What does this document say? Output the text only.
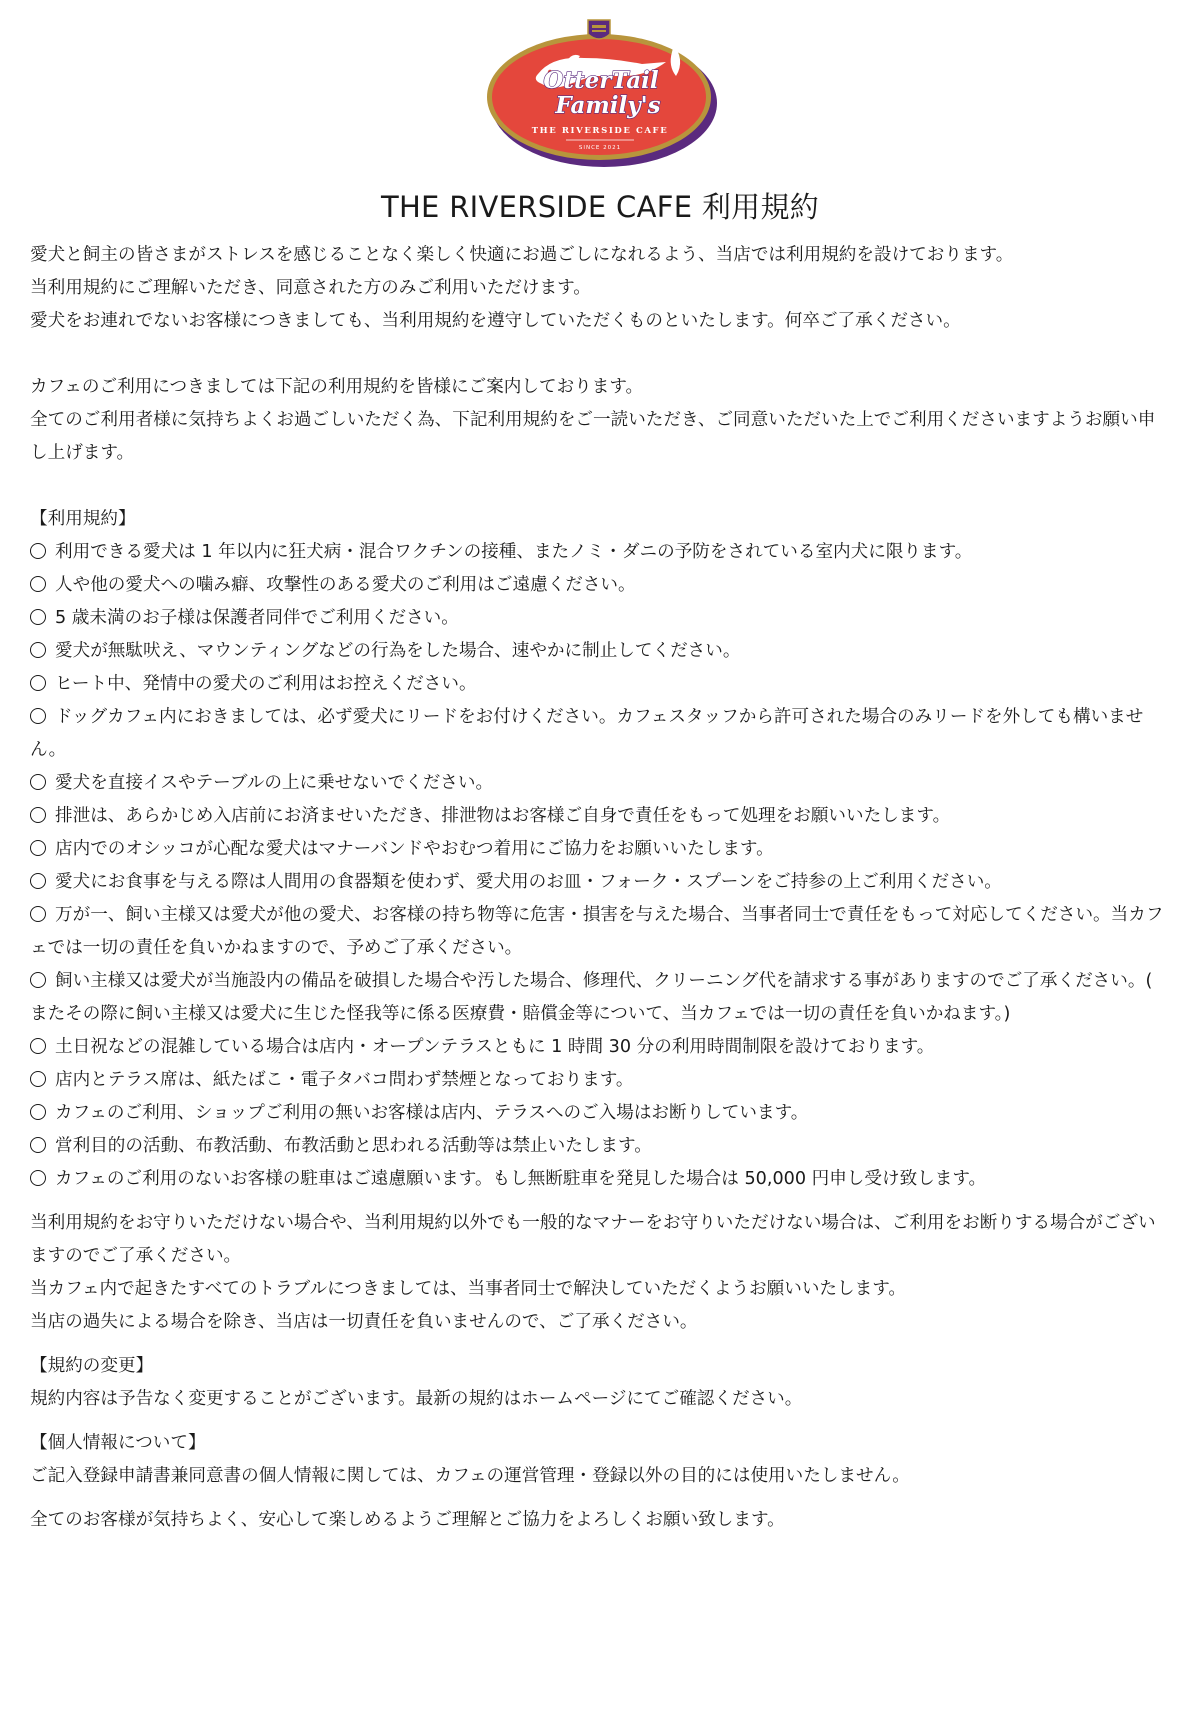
OtterTail
Family's
THE RIVERSIDE CAFE
SINCE 2021
THE RIVERSIDE CAFE 利用規約

愛犬と飼主の皆さまがストレスを感じることなく楽しく快適にお過ごしになれるよう、当店では利用規約を設けております。

当利用規約にご理解いただき、同意された方のみご利用いただけます。

愛犬をお連れでないお客様につきましても、当利用規約を遵守していただくものといたします。何卒ご了承ください。

カフェのご利用につきましては下記の利用規約を皆様にご案内しております。

全てのご利用者様に気持ちよくお過ごしいただく為、下記利用規約をご一読いただき、ご同意いただいた上でご利用くださいますようお願い申し上げます。

【利用規約】

利用できる愛犬は 1 年以内に狂犬病・混合ワクチンの接種、またノミ・ダニの予防をされている室内犬に限ります。
人や他の愛犬への噛み癖、攻撃性のある愛犬のご利用はご遠慮ください。
5 歳未満のお子様は保護者同伴でご利用ください。
愛犬が無駄吠え、マウンティングなどの行為をした場合、速やかに制止してください。
ヒート中、発情中の愛犬のご利用はお控えください。
ドッグカフェ内におきましては、必ず愛犬にリードをお付けください。カフェスタッフから許可された場合のみリードを外しても構いません。
愛犬を直接イスやテーブルの上に乗せないでください。
排泄は、あらかじめ入店前にお済ませいただき、排泄物はお客様ご自身で責任をもって処理をお願いいたします。
店内でのオシッコが心配な愛犬はマナーバンドやおむつ着用にご協力をお願いいたします。
愛犬にお食事を与える際は人間用の食器類を使わず、愛犬用のお皿・フォーク・スプーンをご持参の上ご利用ください。
万が一、飼い主様又は愛犬が他の愛犬、お客様の持ち物等に危害・損害を与えた場合、当事者同士で責任をもって対応してください。当カフェでは一切の責任を負いかねますので、予めご了承ください。
飼い主様又は愛犬が当施設内の備品を破損した場合や汚した場合、修理代、クリーニング代を請求する事がありますのでご了承ください。( またその際に飼い主様又は愛犬に生じた怪我等に係る医療費・賠償金等について、当カフェでは一切の責任を負いかねます。)
土日祝などの混雑している場合は店内・オープンテラスともに 1 時間 30 分の利用時間制限を設けております。
店内とテラス席は、紙たばこ・電子タバコ問わず禁煙となっております。
カフェのご利用、ショップご利用の無いお客様は店内、テラスへのご入場はお断りしています。
営利目的の活動、布教活動、布教活動と思われる活動等は禁止いたします。
カフェのご利用のないお客様の駐車はご遠慮願います。もし無断駐車を発見した場合は 50,000 円申し受け致します。

当利用規約をお守りいただけない場合や、当利用規約以外でも一般的なマナーをお守りいただけない場合は、ご利用をお断りする場合がございますのでご了承ください。

当カフェ内で起きたすべてのトラブルにつきましては、当事者同士で解決していただくようお願いいたします。

当店の過失による場合を除き、当店は一切責任を負いませんので、ご了承ください。

【規約の変更】

規約内容は予告なく変更することがございます。最新の規約はホームページにてご確認ください。

【個人情報について】

ご記入登録申請書兼同意書の個人情報に関しては、カフェの運営管理・登録以外の目的には使用いたしません。

全てのお客様が気持ちよく、安心して楽しめるようご理解とご協力をよろしくお願い致します。
